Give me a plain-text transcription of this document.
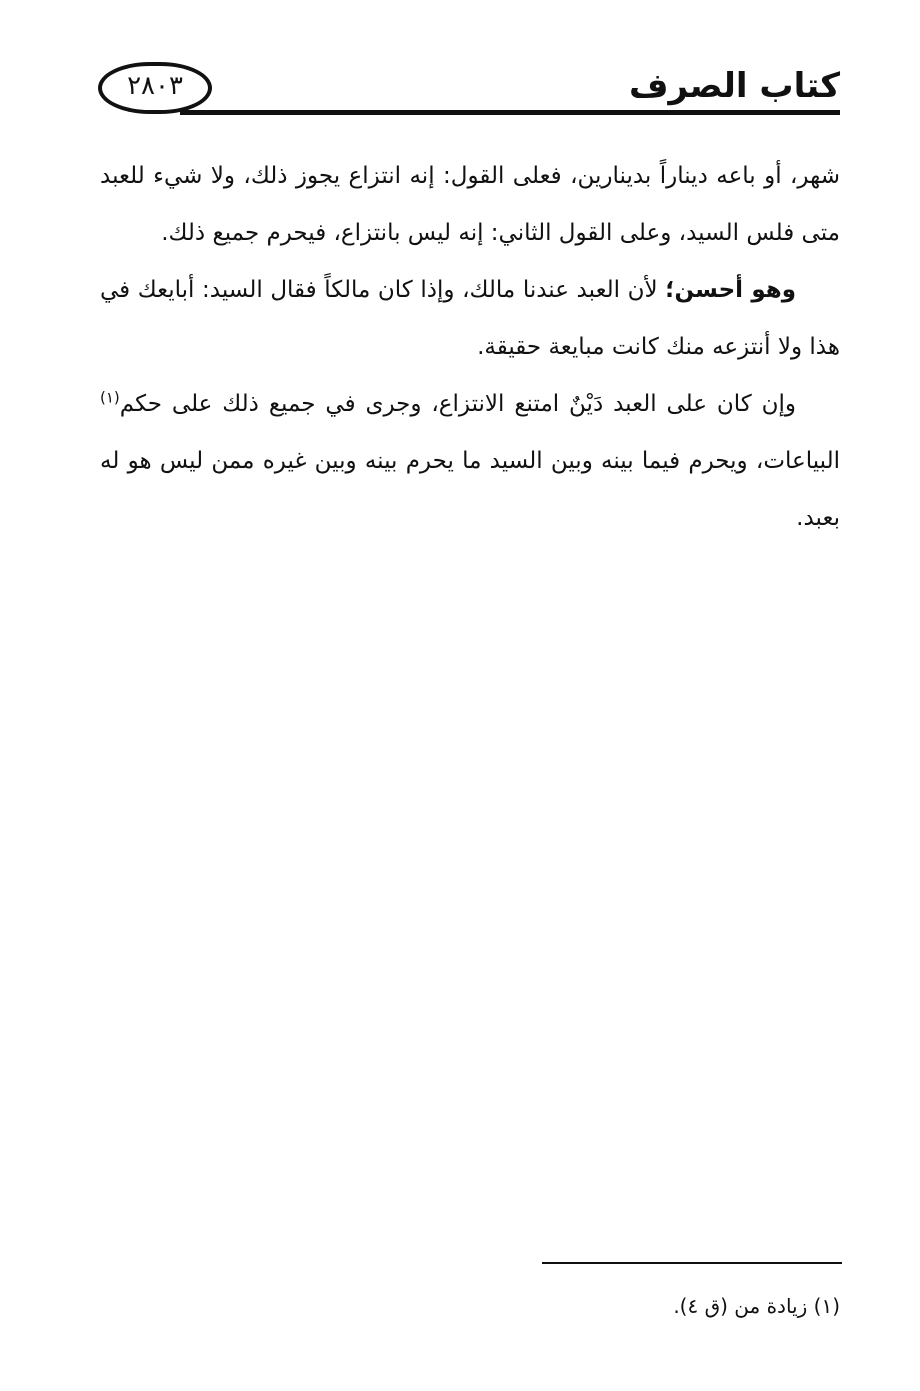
٢٨٠٣	كتاب الصرف

شهر، أو باعه ديناراً بدينارين، فعلى القول: إنه انتزاع يجوز ذلك، ولا شيء للعبد متى فلس السيد، وعلى القول الثاني: إنه ليس بانتزاع، فيحرم جميع ذلك.

وهو أحسن؛ لأن العبد عندنا مالك، وإذا كان مالكاً فقال السيد: أبايعك في هذا ولا أنتزعه منك كانت مبايعة حقيقة.

وإن كان على العبد دَيْنٌ امتنع الانتزاع، وجرى في جميع ذلك على حكم$^{(١)}$ البياعات، ويحرم فيما بينه وبين السيد ما يحرم بينه وبين غيره ممن ليس هو له بعبد.

(١) زيادة من (ق ٤).
